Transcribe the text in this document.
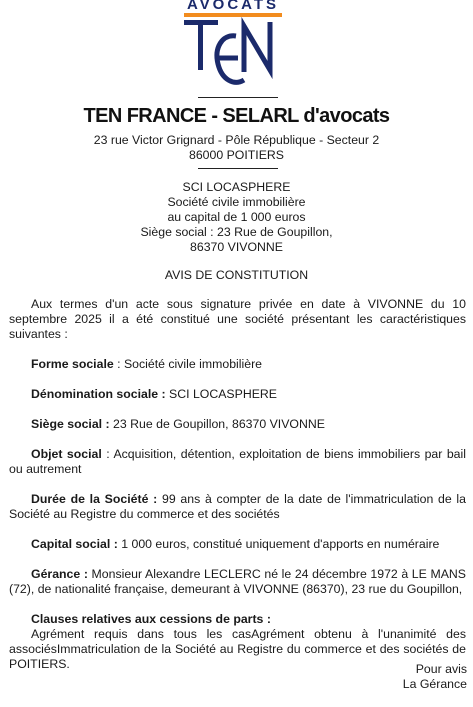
AVOCATS
TEN FRANCE - SELARL d'avocats
23 rue Victor Grignard - Pôle République - Secteur 2
86000 POITIERS
SCI LOCASPHERE
Société civile immobilière
au capital de 1 000 euros
Siège social : 23 Rue de Goupillon,
86370 VIVONNE
AVIS DE CONSTITUTION

Aux termes d'un acte sous signature privée en date à VIVONNE du 10 septembre 2025 il a été constitué une société présentant les caractéristiques suivantes :

Forme sociale : Société civile immobilière

Dénomination sociale : SCI LOCASPHERE

Siège social : 23 Rue de Goupillon, 86370 VIVONNE

Objet social : Acquisition, détention, exploitation de biens immobiliers par bail ou autrement

Durée de la Société : 99 ans à compter de la date de l'immatriculation de la Société au Registre du commerce et des sociétés

Capital social : 1 000 euros, constitué uniquement d'apports en numéraire

Gérance : Monsieur Alexandre LECLERC né le 24 décembre 1972 à LE MANS (72), de nationalité française, demeurant à VIVONNE (86370), 23 rue du Goupillon,

Clauses relatives aux cessions de parts :

Agrément requis dans tous les casAgrément obtenu à l'unanimité des associésImmatriculation de la Société au Registre du commerce et des sociétés de POITIERS.	Pour avis
La Gérance
